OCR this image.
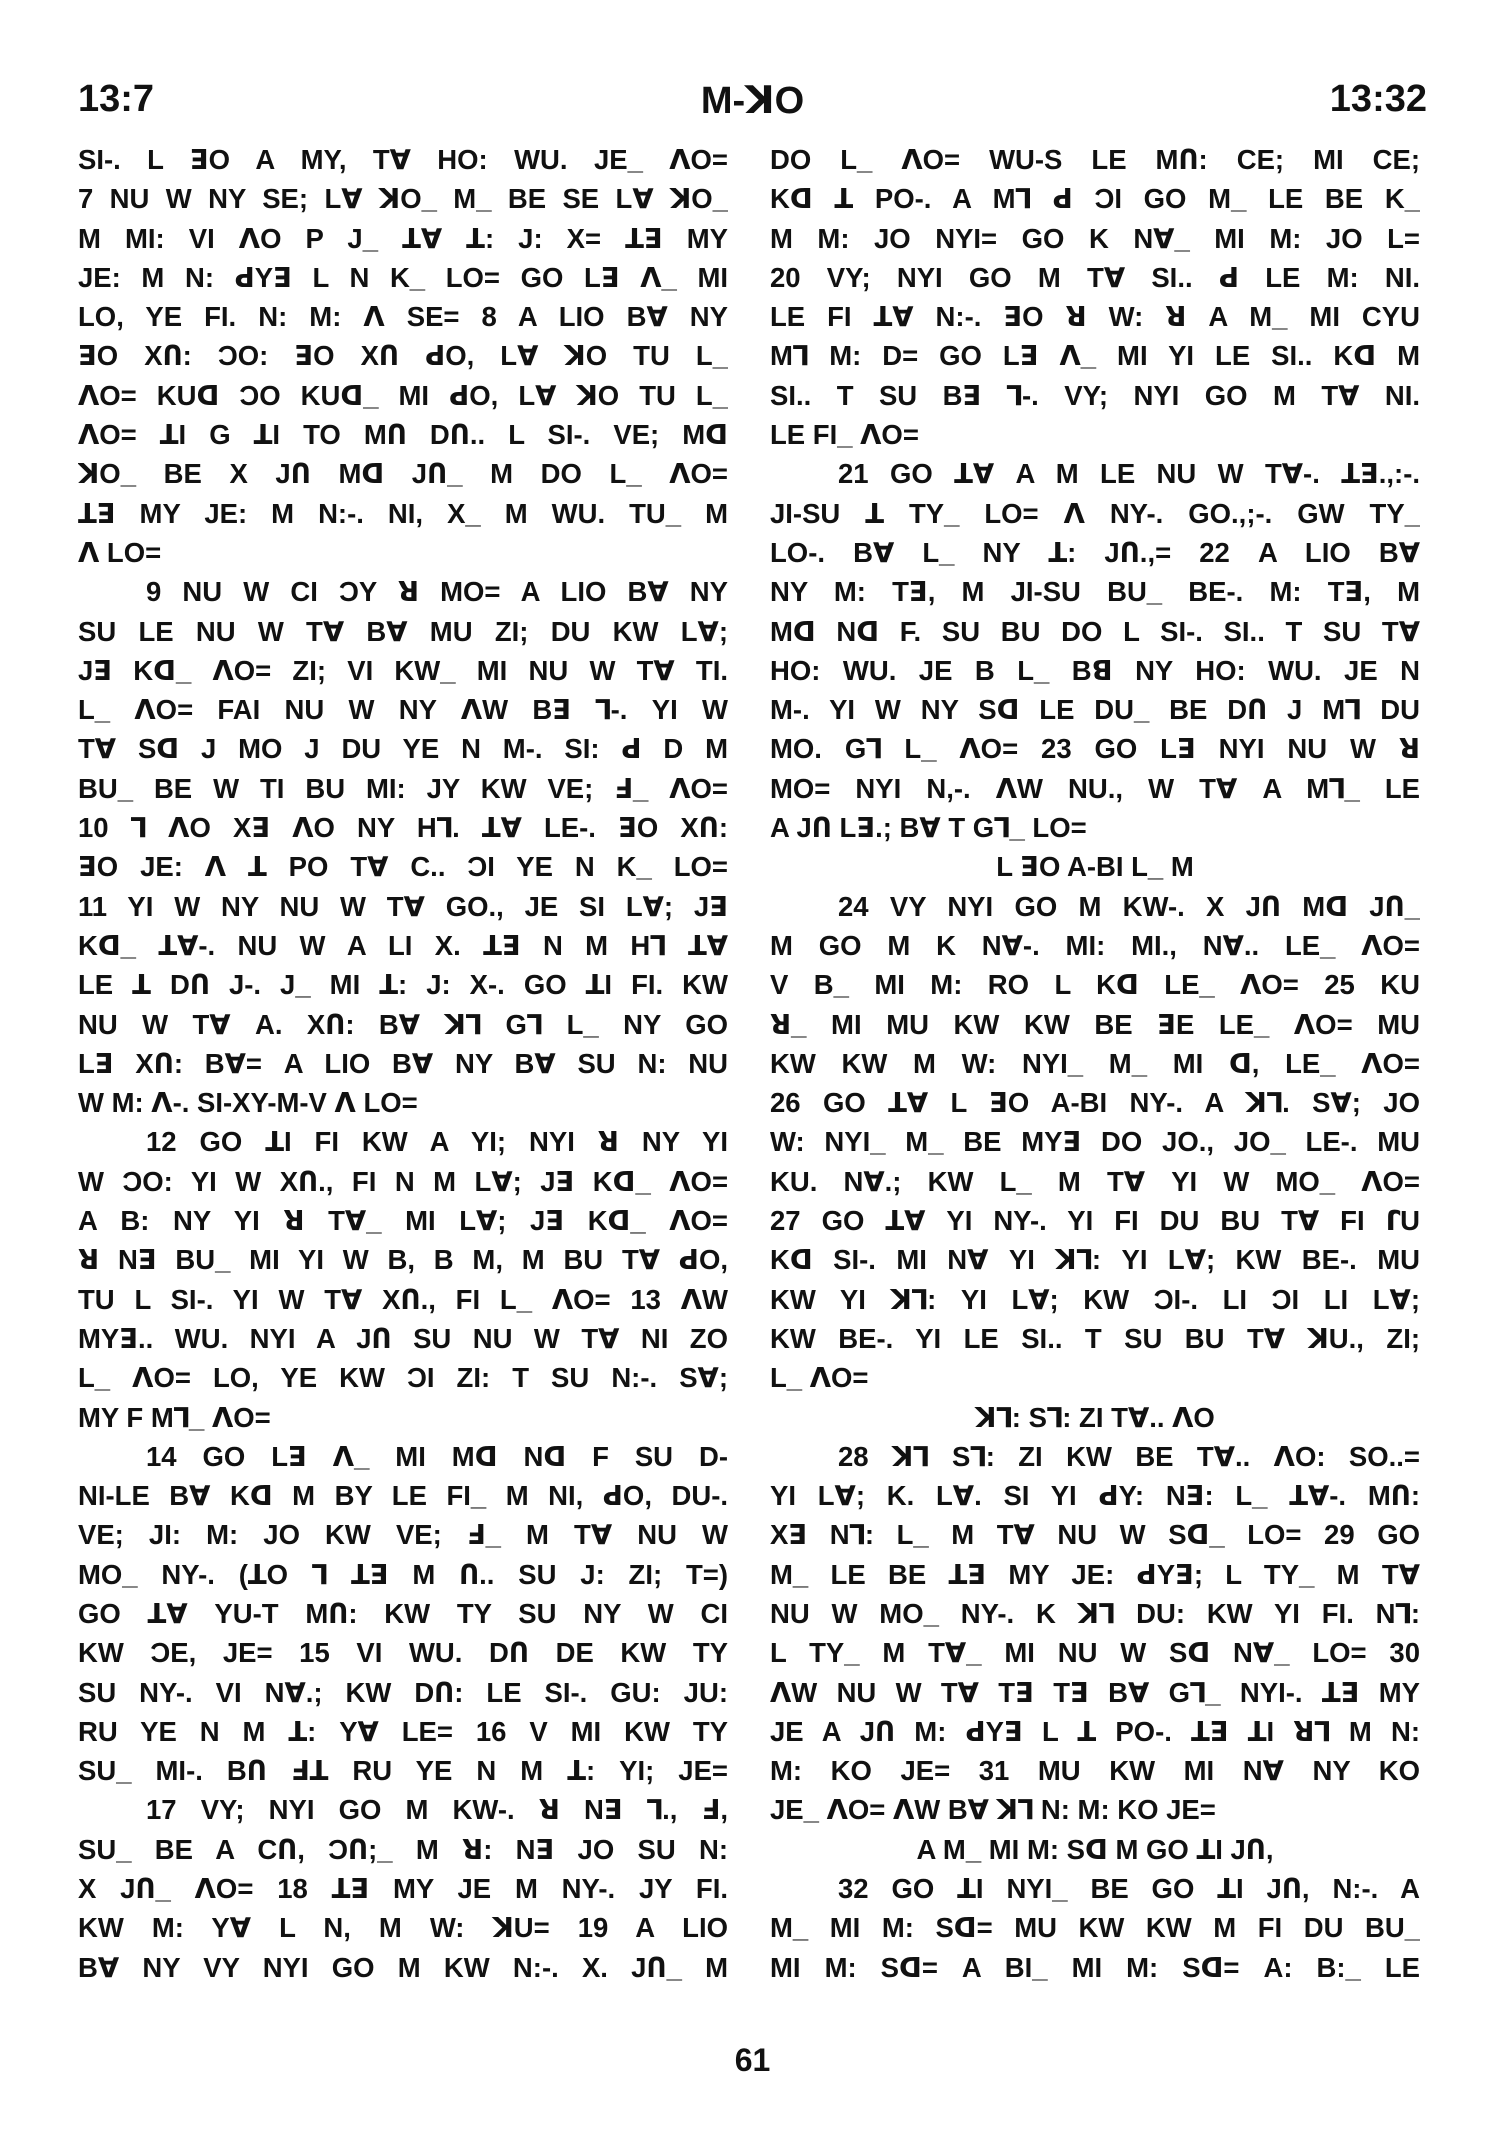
13:7	M-ꓘO	13:32
SI-. L ꓱO A MY, Tꓯ HO: WU. JE_ ꓥO=
7 NU W NY SE; Lꓯ ꓘO_ M_ BE SE Lꓯ ꓘO_
M MI: VI ꓥO P J_ ꓕꓯ ꓕ: J: X= ꓕꓱ MY
JE: M N: ꓒYꓱ L N K_ LO= GO Lꓱ ꓥ_ MI
LO, YE FI. N: M: ꓥ SE= 8 A LIO Bꓯ NY
ꓱO XՈ: ƆO: ꓱO XՈ ꓒO, Lꓯ ꓘO TU L_
ꓥO= KUꓷ ƆO KUꓷ_ MI ꓒO, Lꓯ ꓘO TU L_
ꓥO= ꓕI G ꓕI TO MՈ DՈ.. L SI-. VE; Mꓷ
ꓘO_ BE X JՈ Mꓷ JՈ_ M DO L_ ꓥO=
ꓕꓱ MY JE: M N:-. NI, X_ M WU. TU_ M
ꓥ LO=
9 NU W CI ƆY ꓤ MO= A LIO Bꓯ NY
SU LE NU W Tꓯ Bꓯ MU ZI; DU KW Lꓯ;
Jꓱ Kꓷ_ ꓥO= ZI; VI KW_ MI NU W Tꓯ TI.
L_ ꓥO= FAI NU W NY ꓥW Bꓱ ꓶ-. YI W
Tꓯ Sꓷ J MO J DU YE N M-. SI: ꓒ D M
BU_ BE W TI BU MI: JY KW VE; ꓞ_ ꓥO=
10 ꓶ ꓥO Xꓱ ꓥO NY Hꓶ. ꓕꓯ LE-. ꓱO XՈ:
ꓱO JE: ꓥ ꓕ PO Tꓯ C.. ƆI YE N K_ LO=
11 YI W NY NU W Tꓯ GO., JE SI Lꓯ; Jꓱ
Kꓷ_ ꓕꓯ-. NU W A LI X. ꓕꓱ N M Hꓶ ꓕꓯ
LE ꓕ DՈ J-. J_ MI ꓕ: J: X-. GO ꓕI FI. KW
NU W Tꓯ A. XՈ: Bꓯ ꓘꓶ Gꓶ L_ NY GO
Lꓱ XՈ: Bꓯ= A LIO Bꓯ NY Bꓯ SU N: NU
W M: ꓥ-. SI-XY-M-V ꓥ LO=
12 GO ꓕI FI KW A YI; NYI ꓤ NY YI
W ƆO: YI W XՈ., FI N M Lꓯ; Jꓱ Kꓷ_ ꓥO=
A B: NY YI ꓤ Tꓯ_ MI Lꓯ; Jꓱ Kꓷ_ ꓥO=
ꓤ Nꓱ BU_ MI YI W B, B M, M BU Tꓯ ꓒO,
TU L SI-. YI W Tꓯ XՈ., FI L_ ꓥO= 13 ꓥW
MYꓱ.. WU. NYI A JՈ SU NU W Tꓯ NI ZO
L_ ꓥO= LO, YE KW ƆI ZI: T SU N:-. Sꓯ;
MY F Mꓶ_ ꓥO=
14 GO Lꓱ ꓥ_ MI Mꓷ Nꓷ F SU D-
NI-LE Bꓯ Kꓷ M BY LE FI_ M NI, ꓒO, DU-.
VE; JI: M: JO KW VE; ꓞ_ M Tꓯ NU W
MO_ NY-. (ꓕO ꓶ ꓕꓱ M Ո.. SU J: ZI; T=)
GO ꓕꓯ YU-T MՈ: KW TY SU NY W CI
KW ƆE, JE= 15 VI WU. DՈ DE KW TY
SU NY-. VI Nꓯ.; KW DՈ: LE SI-. GU: JU:
RU YE N M ꓕ: Yꓯ LE= 16 V MI KW TY
SU_ MI-. BՈ ꓞꓕ RU YE N M ꓕ: YI; JE=
17 VY; NYI GO M KW-. ꓤ Nꓱ ꓶ., ꓞ,
SU_ BE A CՈ, ƆՈ;_ M ꓤ: Nꓱ JO SU N:
X JՈ_ ꓥO= 18 ꓕꓱ MY JE M NY-. JY FI.
KW M: Yꓯ L N, M W: ꓘU= 19 A LIO
Bꓯ NY VY NYI GO M KW N:-. X. JՈ_ M
DO L_ ꓥO= WU-S LE MՈ: CE; MI CE;
Kꓷ ꓕ PO-. A Mꓶ ꓒ ƆI GO M_ LE BE K_
M M: JO NYI= GO K Nꓯ_ MI M: JO L=
20 VY; NYI GO M Tꓯ SI.. ꓒ LE M: NI.
LE FI ꓕꓯ N:-. ꓱO ꓤ W: ꓤ A M_ MI CYU
Mꓶ M: D= GO Lꓱ ꓥ_ MI YI LE SI.. Kꓷ M
SI.. T SU Bꓱ ꓶ-. VY; NYI GO M Tꓯ NI.
LE FI_ ꓥO=
21 GO ꓕꓯ A M LE NU W Tꓯ-. ꓕꓱ.,:-.
JI-SU ꓕ TY_ LO= ꓥ NY-. GO.,;-. GW TY_
LO-. Bꓯ L_ NY ꓕ: JՈ.,= 22 A LIO Bꓯ
NY M: Tꓱ, M JI-SU BU_ BE-. M: Tꓱ, M
Mꓷ Nꓷ F. SU BU DO L SI-. SI.. T SU Tꓯ
HO: WU. JE B L_ Bꓭ NY HO: WU. JE N
M-. YI W NY Sꓷ LE DU_ BE DՈ J Mꓶ DU
MO. Gꓶ L_ ꓥO= 23 GO Lꓱ NYI NU W ꓤ
MO= NYI N,-. ꓥW NU., W Tꓯ A Mꓶ_ LE
A JՈ Lꓱ.; Bꓯ T Gꓶ_ LO=
L ꓱO A-BI L_ M
24 VY NYI GO M KW-. X JՈ Mꓷ JՈ_
M GO M K Nꓯ-. MI: MI., Nꓯ.. LE_ ꓥO=
V B_ MI M: RO L Kꓷ LE_ ꓥO= 25 KU
ꓤ_ MI MU KW KW BE ꓱE LE_ ꓥO= MU
KW KW M W: NYI_ M_ MI ꓷ, LE_ ꓥO=
26 GO ꓕꓯ L ꓱO A-BI NY-. A ꓘꓶ. Sꓯ; JO
W: NYI_ M_ BE MYꓱ DO JO., JO_ LE-. MU
KU. Nꓯ.; KW L_ M Tꓯ YI W MO_ ꓥO=
27 GO ꓕꓯ YI NY-. YI FI DU BU Tꓯ FI ꓩU
Kꓷ SI-. MI Nꓯ YI ꓘꓶ: YI Lꓯ; KW BE-. MU
KW YI ꓘꓶ: YI Lꓯ; KW ƆI-. LI ƆI LI Lꓯ;
KW BE-. YI LE SI.. T SU BU Tꓯ ꓘU., ZI;
L_ ꓥO=
ꓘꓶ: Sꓶ: ZI Tꓯ.. ꓥO
28 ꓘꓶ Sꓶ: ZI KW BE Tꓯ.. ꓥO: SO..=
YI Lꓯ; K. Lꓯ. SI YI ꓒY: Nꓱ: L_ ꓕꓯ-. MՈ:
Xꓱ Nꓶ: L_ M Tꓯ NU W Sꓷ_ LO= 29 GO
M_ LE BE ꓕꓱ MY JE: ꓒYꓱ; L TY_ M Tꓯ
NU W MO_ NY-. K ꓘꓶ DU: KW YI FI. Nꓶ:
L TY_ M Tꓯ_ MI NU W Sꓷ Nꓯ_ LO= 30
ꓥW NU W Tꓯ Tꓱ Tꓱ Bꓯ Gꓶ_ NYI-. ꓕꓱ MY
JE A JՈ M: ꓒYꓱ L ꓕ PO-. ꓕꓱ ꓕI ꓤꓶ M N:
M: KO JE= 31 MU KW MI Nꓯ NY KO
JE_ ꓥO= ꓥW Bꓯ ꓘꓶ N: M: KO JE=
A M_ MI M: Sꓷ M GO ꓕI JՈ,
32 GO ꓕI NYI_ BE GO ꓕI JՈ, N:-. A
M_ MI M: Sꓷ= MU KW KW M FI DU BU_
MI M: Sꓷ= A BI_ MI M: Sꓷ= A: B:_ LE
61
